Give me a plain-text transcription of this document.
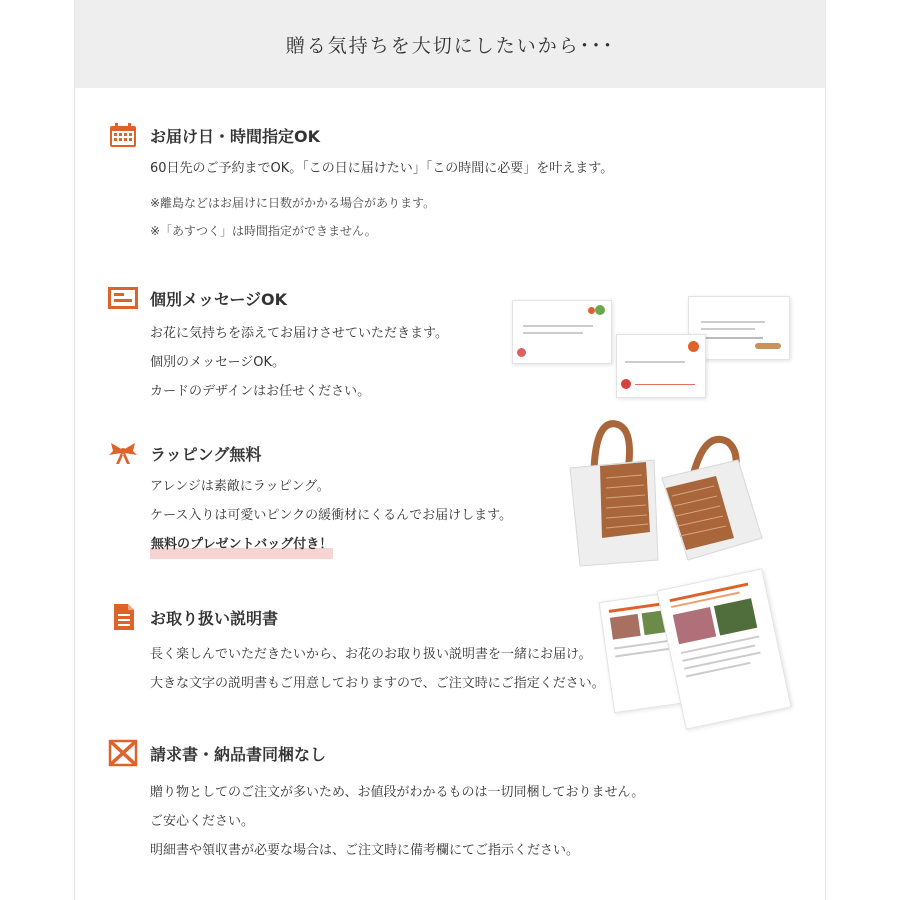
贈る気持ちを大切にしたいから･･･
お届け日・時間指定OK
60日先のご予約までOK。「この日に届けたい」「この時間に必要」を叶えます。
※離島などはお届けに日数がかかる場合があります。
※「あすつく」は時間指定ができません。
個別メッセージOK
お花に気持ちを添えてお届けさせていただきます。
個別のメッセージOK。
カードのデザインはお任せください。
ラッピング無料
アレンジは素敵にラッピング。
ケース入りは可愛いピンクの緩衝材にくるんでお届けします。
無料のプレゼントバッグ付き！
お取り扱い説明書
長く楽しんでいただきたいから、お花のお取り扱い説明書を一緒にお届け。
大きな文字の説明書もご用意しておりますので、ご注文時にご指定ください。
請求書・納品書同梱なし
贈り物としてのご注文が多いため、お値段がわかるものは一切同梱しておりません。
ご安心ください。
明細書や領収書が必要な場合は、ご注文時に備考欄にてご指示ください。
